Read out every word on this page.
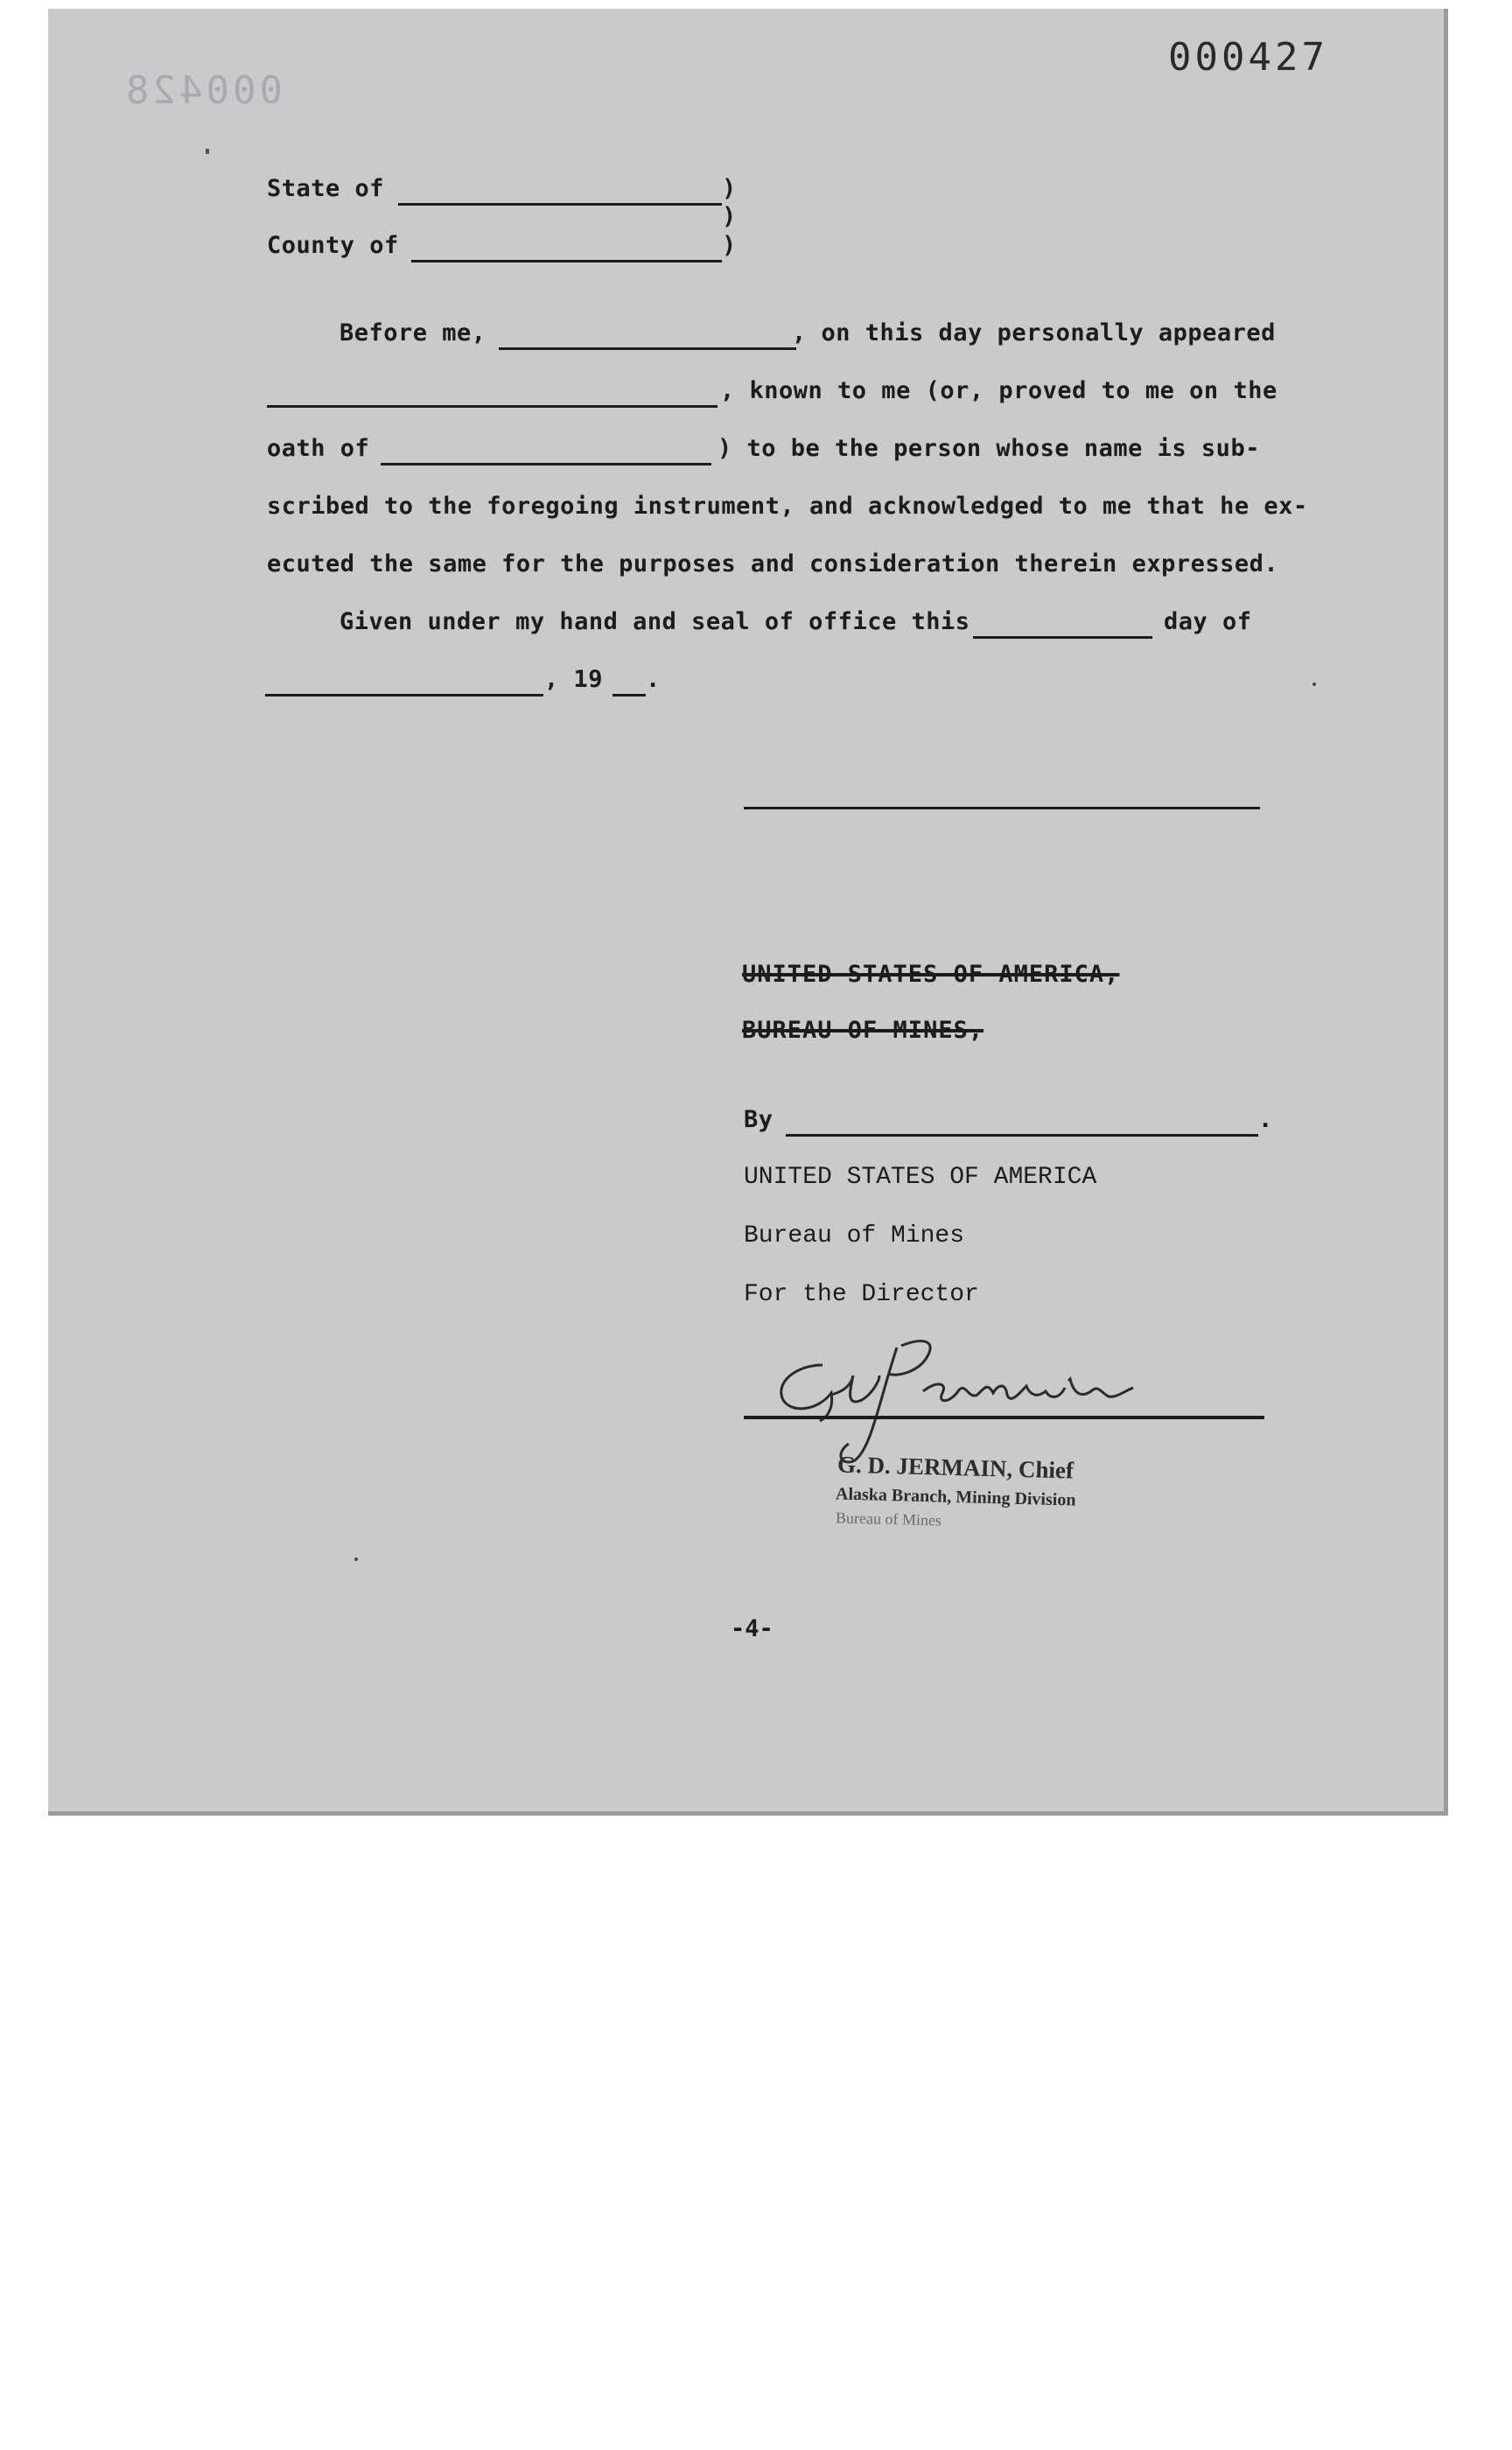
000428
000427
State of	)
)
County of	)
Before me,	, on this day personally appeared
, known to me (or, proved to me on the
oath of	) to be the person whose name is sub-
scribed to the foregoing instrument, and acknowledged to me that he ex-
ecuted the same for the purposes and consideration therein expressed.
Given under my hand and seal of office this	day of
, 19 .
UNITED STATES OF AMERICA,
BUREAU OF MINES,
By	.
UNITED STATES OF AMERICA
Bureau of Mines
For the Director
G. D. JERMAIN, Chief
Alaska Branch, Mining Division
Bureau of Mines
-4-
